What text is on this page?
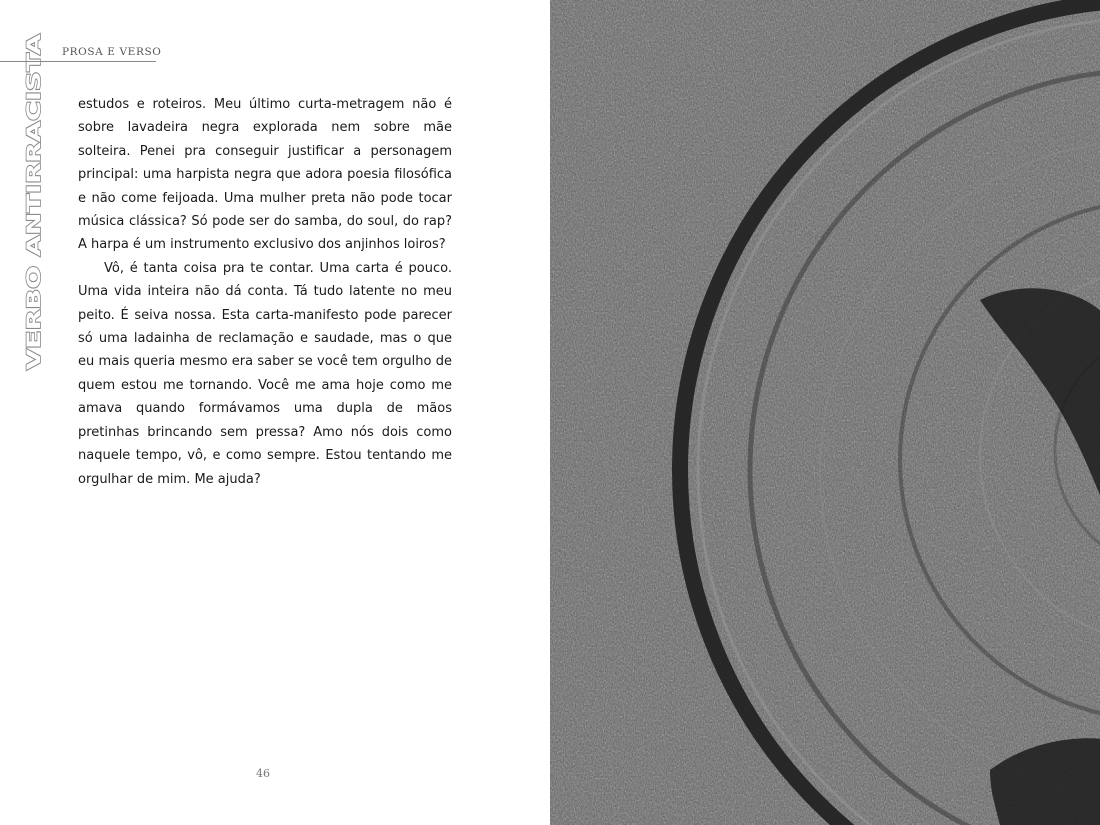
VERBO ANTIRRACISTA
PROSA E VERSO

estudos e roteiros. Meu último curta-metragem não é sobre lavadeira negra explorada nem sobre mãe solteira. Penei pra conseguir justificar a personagem principal: uma harpista negra que adora poesia filosófica e não come feijoada. Uma mulher preta não pode tocar música clássica? Só pode ser do samba, do soul, do rap? A harpa é um instrumento exclusivo dos anjinhos loiros?

Vô, é tanta coisa pra te contar. Uma carta é pouco. Uma vida inteira não dá conta. Tá tudo latente no meu peito. É seiva nossa. Esta carta-manifesto pode parecer só uma ladainha de reclamação e saudade, mas o que eu mais queria mesmo era saber se você tem orgulho de quem estou me tornando. Você me ama hoje como me amava quando formávamos uma dupla de mãos pretinhas brincando sem pressa? Amo nós dois como naquele tempo, vô, e como sempre. Estou tentando me orgulhar de mim. Me ajuda?

46
